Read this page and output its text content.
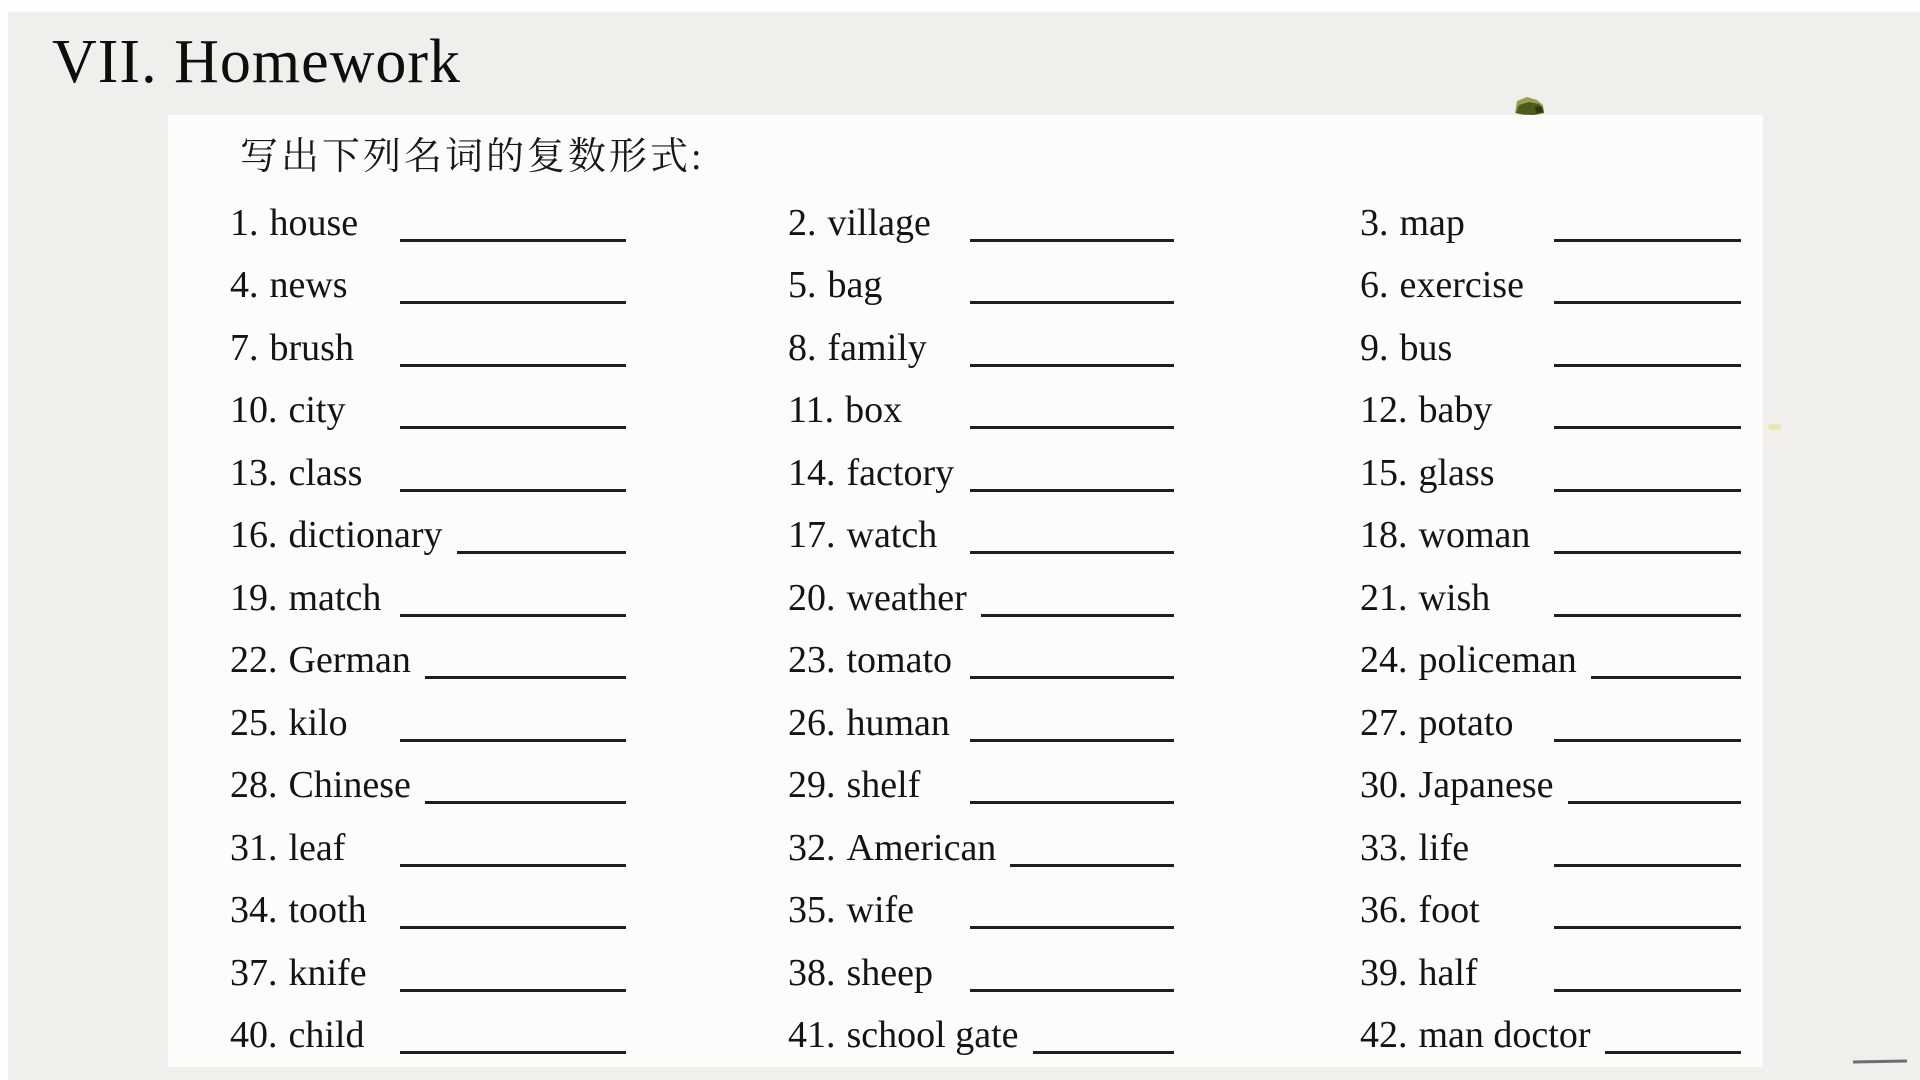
VII. Homework
写出下列名词的复数形式:
1. house
4. news
7. brush
10. city
13. class
16. dictionary
19. match
22. German
25. kilo
28. Chinese
31. leaf
34. tooth
37. knife
40. child
2. village
5. bag
8. family
11. box
14. factory
17. watch
20. weather
23. tomato
26. human
29. shelf
32. American
35. wife
38. sheep
41. school gate
3. map
6. exercise
9. bus
12. baby
15. glass
18. woman
21. wish
24. policeman
27. potato
30. Japanese
33. life
36. foot
39. half
42. man doctor
